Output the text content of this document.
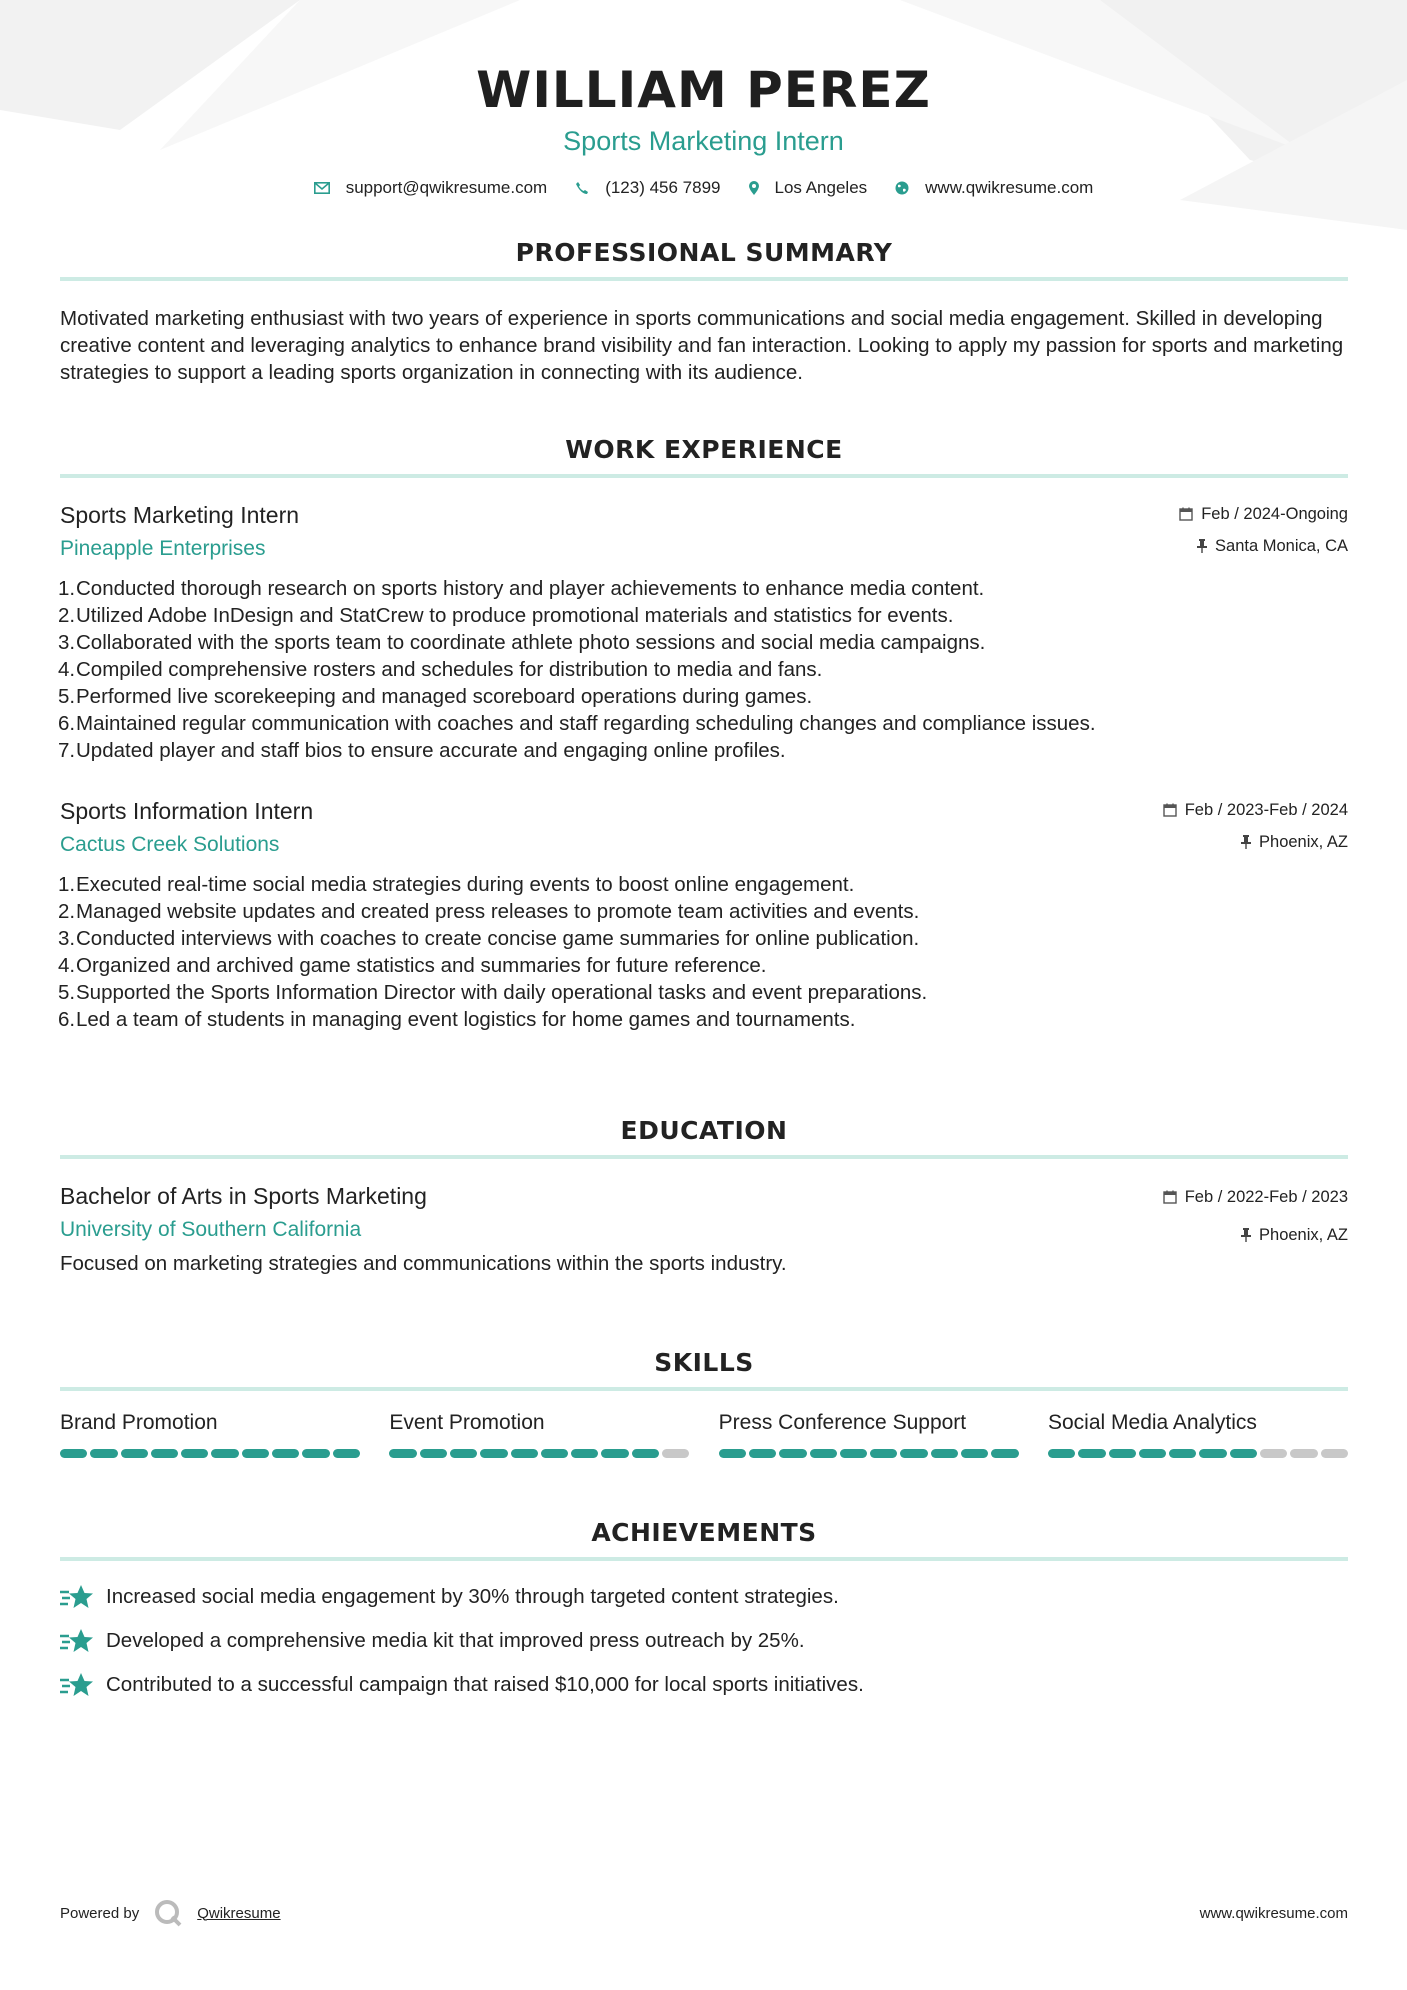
WILLIAM PEREZ
Sports Marketing Intern
support@qwikresume.com	(123) 456 7899	Los Angeles	www.qwikresume.com
PROFESSIONAL SUMMARY
Motivated marketing enthusiast with two years of experience in sports communications and social media engagement. Skilled in developing creative content and leveraging analytics to enhance brand visibility and fan interaction. Looking to apply my passion for sports and marketing strategies to support a leading sports organization in connecting with its audience.
WORK EXPERIENCE
Sports Marketing Intern
Pineapple Enterprises
Feb / 2024-Ongoing
Santa Monica, CA
1. Conducted thorough research on sports history and player achievements to enhance media content.
2. Utilized Adobe InDesign and StatCrew to produce promotional materials and statistics for events.
3. Collaborated with the sports team to coordinate athlete photo sessions and social media campaigns.
4. Compiled comprehensive rosters and schedules for distribution to media and fans.
5. Performed live scorekeeping and managed scoreboard operations during games.
6. Maintained regular communication with coaches and staff regarding scheduling changes and compliance issues.
7. Updated player and staff bios to ensure accurate and engaging online profiles.
Sports Information Intern
Cactus Creek Solutions
Feb / 2023-Feb / 2024
Phoenix, AZ
1. Executed real-time social media strategies during events to boost online engagement.
2. Managed website updates and created press releases to promote team activities and events.
3. Conducted interviews with coaches to create concise game summaries for online publication.
4. Organized and archived game statistics and summaries for future reference.
5. Supported the Sports Information Director with daily operational tasks and event preparations.
6. Led a team of students in managing event logistics for home games and tournaments.
EDUCATION
Bachelor of Arts in Sports Marketing
University of Southern California
Feb / 2022-Feb / 2023
Phoenix, AZ
Focused on marketing strategies and communications within the sports industry.
SKILLS
Brand Promotion	Event Promotion	Press Conference Support	Social Media Analytics
ACHIEVEMENTS
Increased social media engagement by 30% through targeted content strategies.
Developed a comprehensive media kit that improved press outreach by 25%.
Contributed to a successful campaign that raised $10,000 for local sports initiatives.
Powered by	Qwikresume	www.qwikresume.com
